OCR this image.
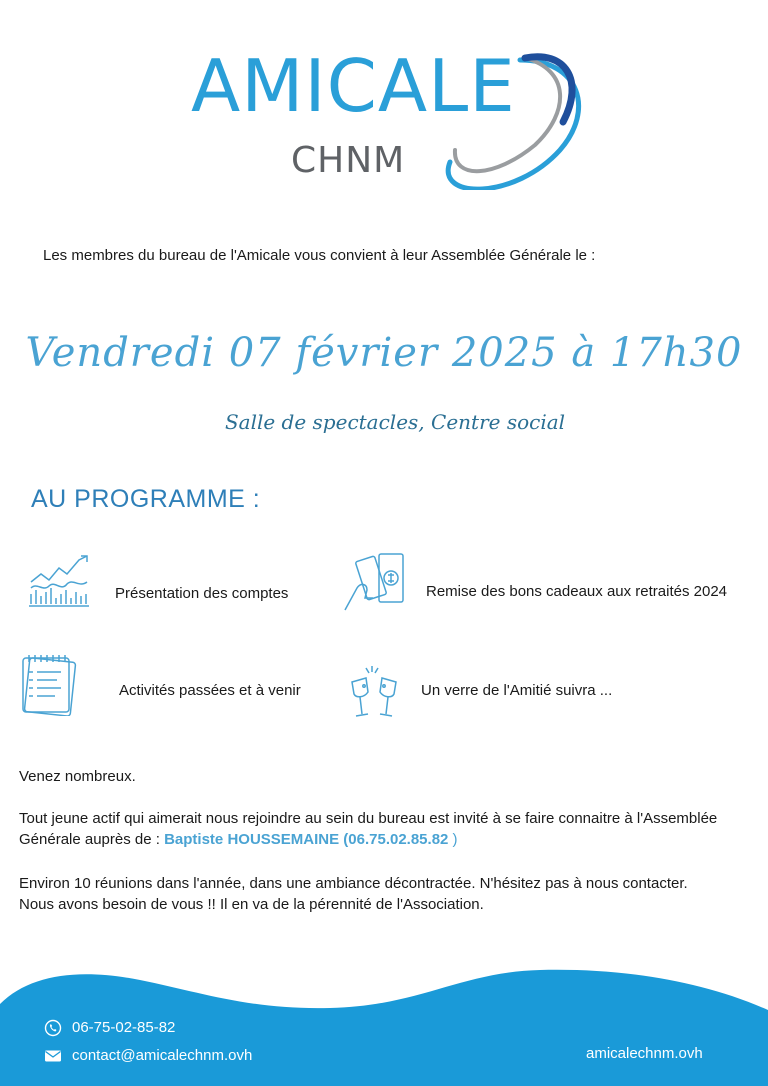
AMICALE
CHNM
Les membres du bureau de l'Amicale vous convient à leur Assemblée Générale le :
Vendredi 07 février 2025 à 17h30
Salle de spectacles, Centre social
AU PROGRAMME :
Présentation des comptes	Remise des bons cadeaux aux retraités 2024
Activités passées et à venir	Un verre de l'Amitié suivra ...
Venez nombreux.
Tout jeune actif qui aimerait nous rejoindre au sein du bureau est invité à se faire connaitre à l'Assemblée Générale auprès de : Baptiste HOUSSEMAINE (06.75.02.85.82 )
Environ 10 réunions dans l'année, dans une ambiance décontractée. N'hésitez pas à nous contacter.
Nous avons besoin de vous !! Il en va de la pérennité de l'Association.
06-75-02-85-82
contact@amicalechnm.ovh	amicalechnm.ovh
